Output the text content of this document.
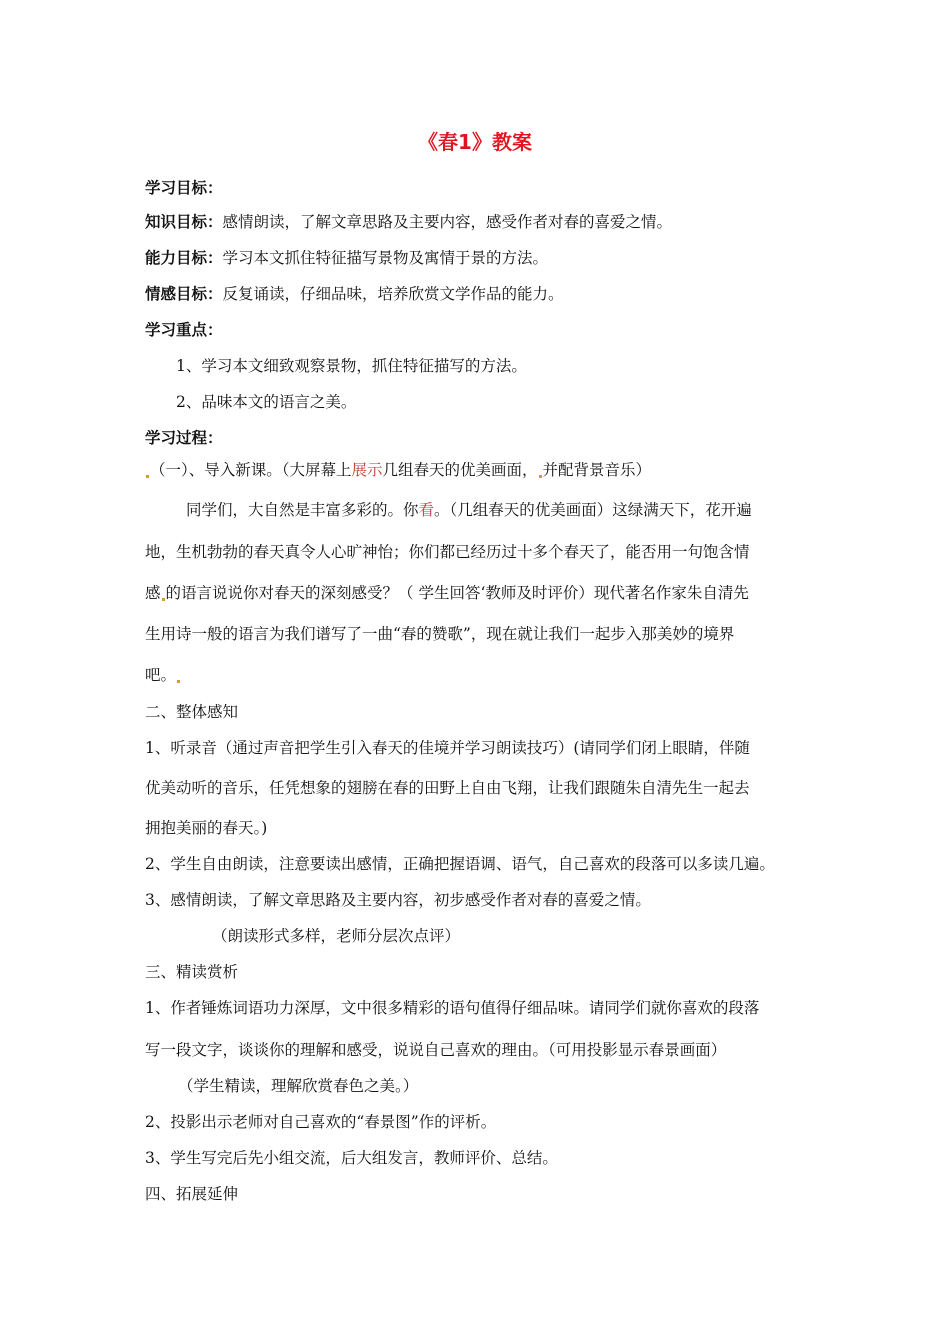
《春1》教案
学习目标：
知识目标：感情朗读，了解文章思路及主要内容，感受作者对春的喜爱之情。
能力目标：学习本文抓住特征描写景物及寓情于景的方法。
情感目标：反复诵读，仔细品味，培养欣赏文学作品的能力。
学习重点：
1、学习本文细致观察景物，抓住特征描写的方法。
2、品味本文的语言之美。
学习过程：
（一）、导入新课。（大屏幕上展示几组春天的优美画面， 并配背景音乐）
同学们，大自然是丰富多彩的。你看。（几组春天的优美画面）这绿满天下，花开遍
地，生机勃勃的春天真令人心旷神怡；你们都已经历过十多个春天了，能否用一句饱含情
感 的语言说说你对春天的深刻感受？（ 学生回答‘教师及时评价）现代著名作家朱自清先
生用诗一般的语言为我们谱写了一曲“春的赞歌”，现在就让我们一起步入那美妙的境界
吧。
二、整体感知
1、听录音（通过声音把学生引入春天的佳境并学习朗读技巧）(请同学们闭上眼睛，伴随
优美动听的音乐，任凭想象的翅膀在春的田野上自由飞翔，让我们跟随朱自清先生一起去
拥抱美丽的春天。)
2、学生自由朗读，注意要读出感情，正确把握语调、语气，自己喜欢的段落可以多读几遍。
3、感情朗读，了解文章思路及主要内容，初步感受作者对春的喜爱之情。
（朗读形式多样，老师分层次点评）
三、精读赏析
1、作者锤炼词语功力深厚，文中很多精彩的语句值得仔细品味。请同学们就你喜欢的段落
写一段文字，谈谈你的理解和感受，说说自己喜欢的理由。（可用投影显示春景画面）
（学生精读，理解欣赏春色之美。）
2、投影出示老师对自己喜欢的“春景图”作的评析。
3、学生写完后先小组交流，后大组发言，教师评价、总结。
四、拓展延伸
